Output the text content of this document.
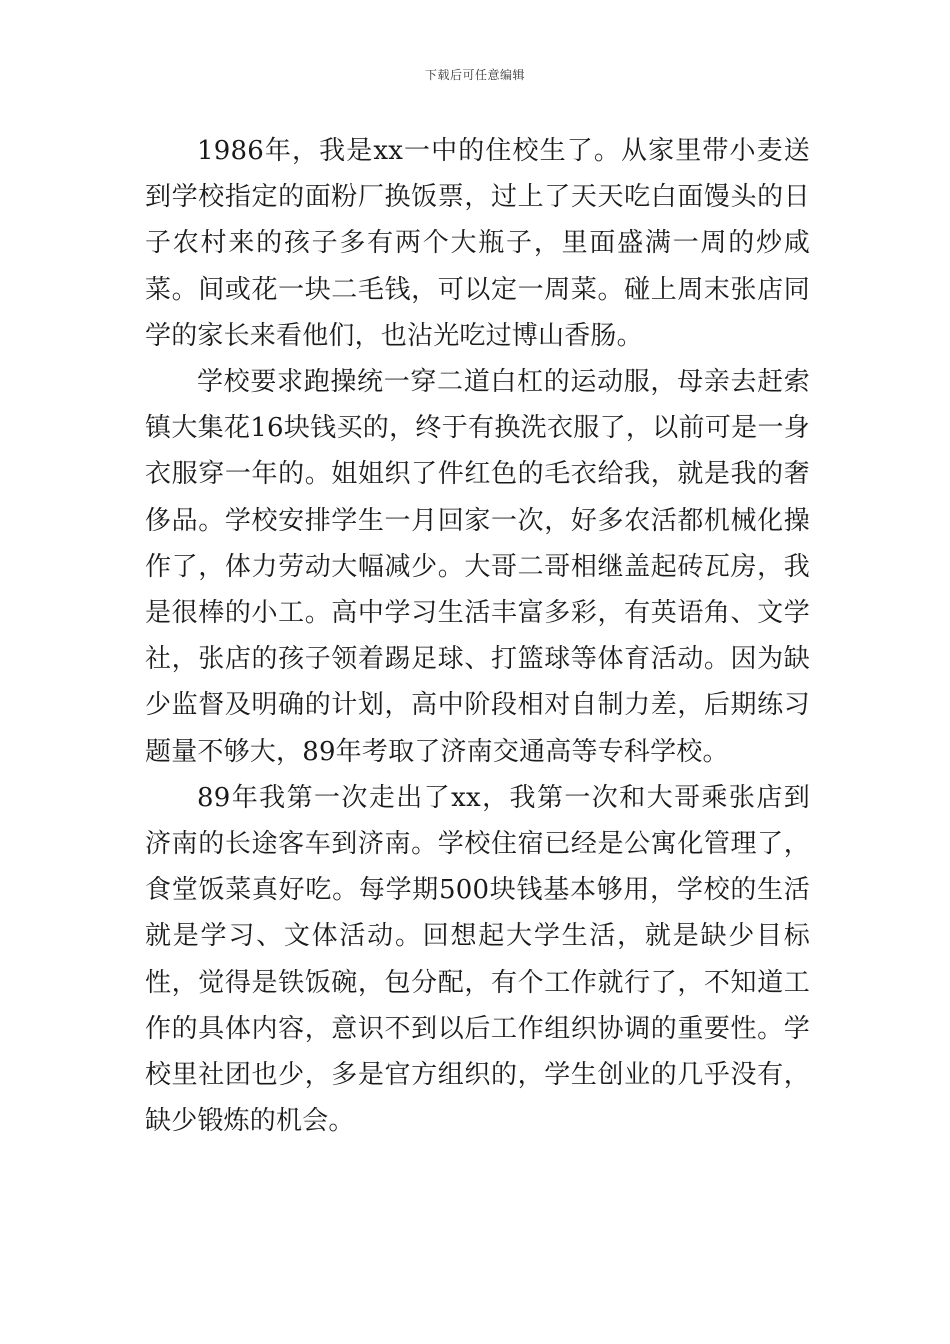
下载后可任意编辑

1986年，我是xx一中的住校生了。从家里带小麦送到学校指定的面粉厂换饭票，过上了天天吃白面馒头的日子农村来的孩子多有两个大瓶子，里面盛满一周的炒咸菜。间或花一块二毛钱，可以定一周菜。碰上周末张店同学的家长来看他们，也沾光吃过博山香肠。

学校要求跑操统一穿二道白杠的运动服，母亲去赶索镇大集花16块钱买的，终于有换洗衣服了，以前可是一身衣服穿一年的。姐姐织了件红色的毛衣给我，就是我的奢侈品。学校安排学生一月回家一次，好多农活都机械化操作了，体力劳动大幅减少。大哥二哥相继盖起砖瓦房，我是很棒的小工。高中学习生活丰富多彩，有英语角、文学社，张店的孩子领着踢足球、打篮球等体育活动。因为缺少监督及明确的计划，高中阶段相对自制力差，后期练习题量不够大，89年考取了济南交通高等专科学校。

89年我第一次走出了xx，我第一次和大哥乘张店到济南的长途客车到济南。学校住宿已经是公寓化管理了，食堂饭菜真好吃。每学期500块钱基本够用，学校的生活就是学习、文体活动。回想起大学生活，就是缺少目标性，觉得是铁饭碗，包分配，有个工作就行了，不知道工作的具体内容，意识不到以后工作组织协调的重要性。学校里社团也少，多是官方组织的，学生创业的几乎没有，缺少锻炼的机会。
